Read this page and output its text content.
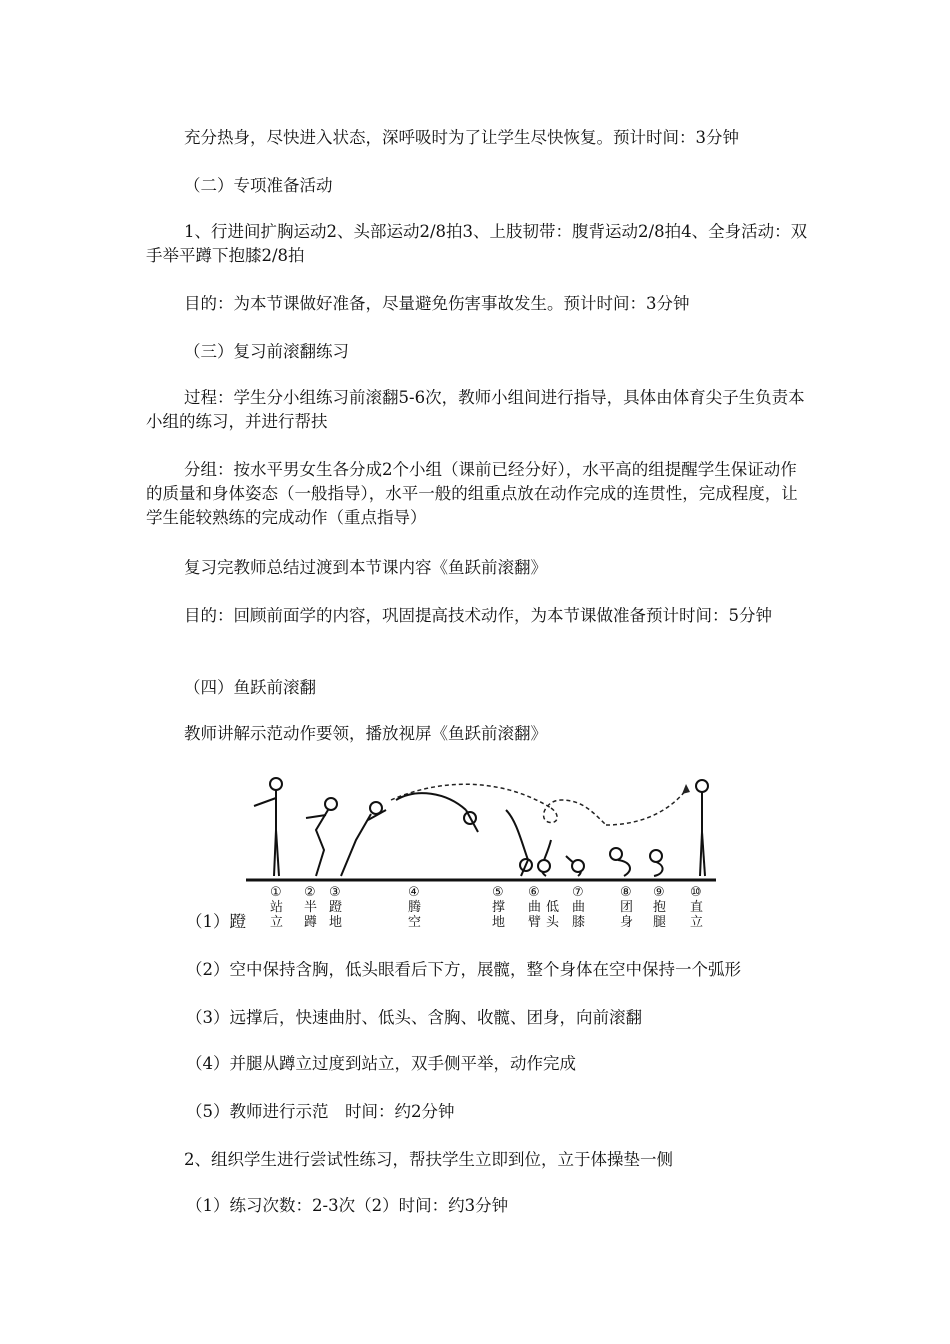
充分热身，尽快进入状态，深呼吸时为了让学生尽快恢复。预计时间：3分钟

（二）专项准备活动

1、行进间扩胸运动2、头部运动2/8拍3、上肢韧带：腹背运动2/8拍4、全身活动：双手举平蹲下抱膝2/8拍

目的：为本节课做好准备，尽量避免伤害事故发生。预计时间：3分钟

（三）复习前滚翻练习

过程：学生分小组练习前滚翻5-6次，教师小组间进行指导，具体由体育尖子生负责本小组的练习，并进行帮扶

分组：按水平男女生各分成2个小组（课前已经分好），水平高的组提醒学生保证动作的质量和身体姿态（一般指导），水平一般的组重点放在动作完成的连贯性，完成程度，让学生能较熟练的完成动作（重点指导）

复习完教师总结过渡到本节课内容《鱼跃前滚翻》

目的：回顾前面学的内容，巩固提高技术动作，为本节课做准备预计时间：5分钟

（四）鱼跃前滚翻

教师讲解示范动作要领，播放视屏《鱼跃前滚翻》

（1）蹬

①
站
立
②
半
蹲
③
蹬
地
④
腾
空
⑤
撑
地
⑥
曲
臂
低
头
⑦
曲
膝
⑧
团
身
⑨
抱
腿
⑩
直
立

（2）空中保持含胸，低头眼看后下方，展髋，整个身体在空中保持一个弧形

（3）远撑后，快速曲肘、低头、含胸、收髋、团身，向前滚翻

（4）并腿从蹲立过度到站立，双手侧平举，动作完成

（5）教师进行示范　时间：约2分钟

2、组织学生进行尝试性练习，帮扶学生立即到位，立于体操垫一侧

（1）练习次数：2-3次（2）时间：约3分钟
